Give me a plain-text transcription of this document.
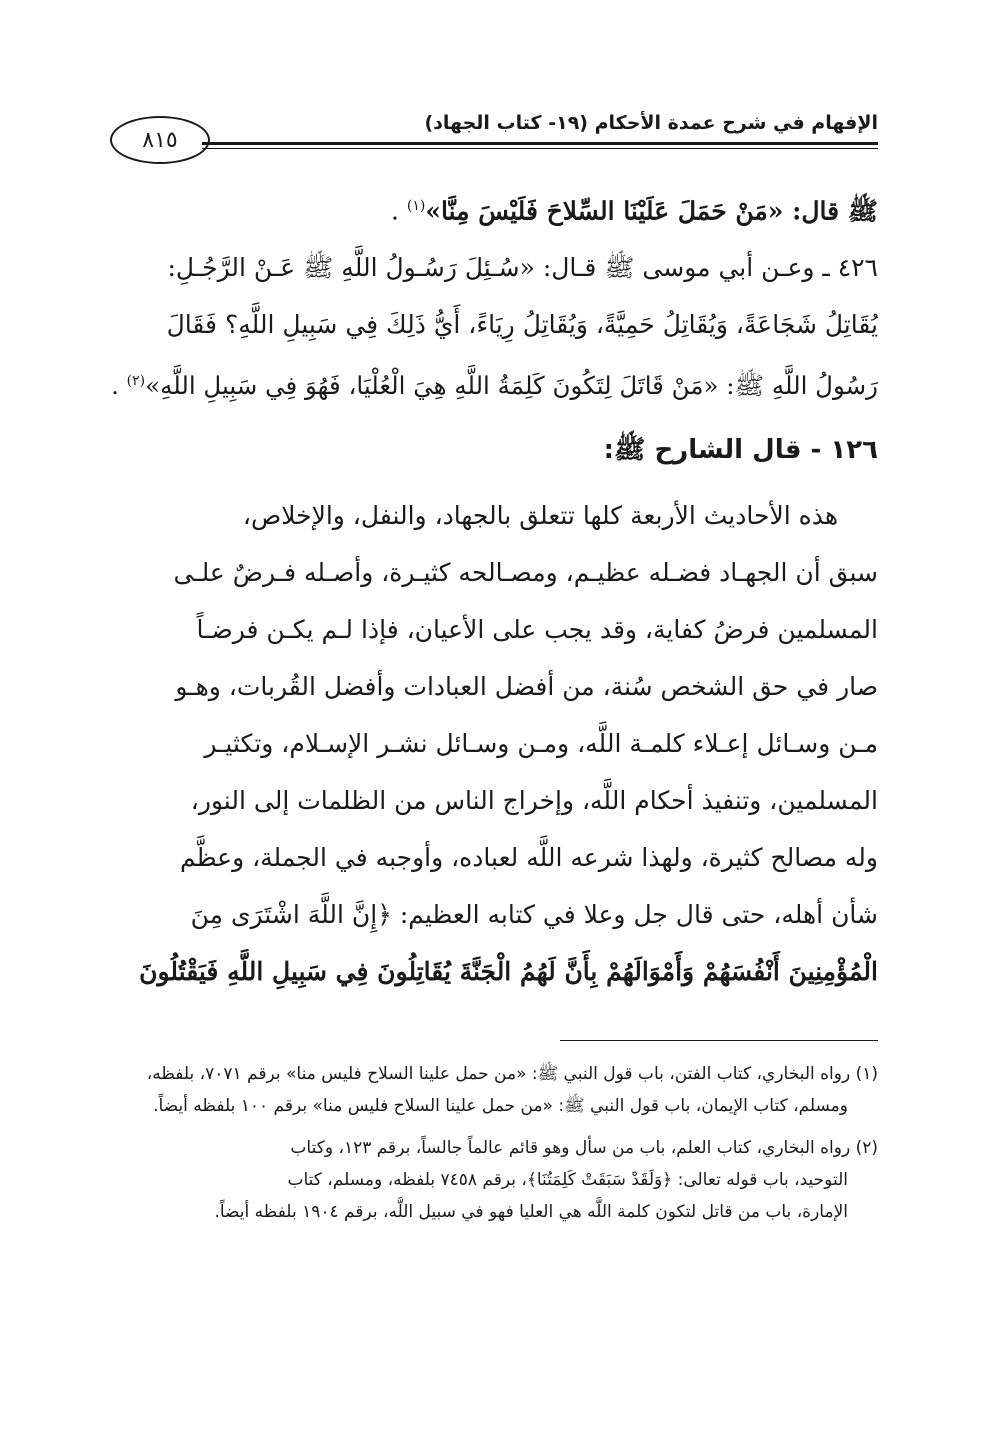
الإفهام في شرح عمدة الأحكام (١٩- كتاب الجهاد)
٨١٥
ﷺ قال: «مَنْ حَمَلَ عَلَيْنَا السِّلاحَ فَلَيْسَ مِنَّا»$^{(١)}$ .
٤٢٦ ـ وعـن أبي موسى ﷺ قـال: «سُـئِلَ رَسُـولُ اللَّهِ ﷺ عَـنْ الرَّجُـلِ:
يُقَاتِلُ شَجَاعَةً، وَيُقَاتِلُ حَمِيَّةً، وَيُقَاتِلُ رِيَاءً، أَيُّ ذَلِكَ فِي سَبِيلِ اللَّهِ؟ فَقَالَ
رَسُولُ اللَّهِ ﷺ: «مَنْ قَاتَلَ لِتَكُونَ كَلِمَةُ اللَّهِ هِيَ الْعُلْيَا، فَهُوَ فِي سَبِيلِ اللَّهِ»$^{(٢)}$ .
١٢٦ - قال الشارح ﷺ:
هذه الأحاديث الأربعة كلها تتعلق بالجهاد، والنفل، والإخلاص،
سبق أن الجهـاد فضـله عظيـم، ومصـالحه كثيـرة، وأصـله فـرضٌ علـى
المسلمين فرضُ كفاية، وقد يجب على الأعيان، فإذا لـم يكـن فرضـاً
صار في حق الشخص سُنة، من أفضل العبادات وأفضل القُربات، وهـو
مـن وسـائل إعـلاء كلمـة اللَّه، ومـن وسـائل نشـر الإسـلام، وتكثيـر
المسلمين، وتنفيذ أحكام اللَّه، وإخراج الناس من الظلمات إلى النور،
وله مصالح كثيرة، ولهذا شرعه اللَّه لعباده، وأوجبه في الجملة، وعظَّم
شأن أهله، حتى قال جل وعلا في كتابه العظيم: ﴿إِنَّ اللَّهَ اشْتَرَى مِنَ
الْمُؤْمِنِينَ أَنْفُسَهُمْ وَأَمْوَالَهُمْ بِأَنَّ لَهُمُ الْجَنَّةَ يُقَاتِلُونَ فِي سَبِيلِ اللَّهِ فَيَقْتُلُونَ
(١) رواه البخاري، كتاب الفتن، باب قول النبي ﷺ: «من حمل علينا السلاح فليس منا» برقم ٧٠٧١، بلفظه،
ومسلم، كتاب الإيمان، باب قول النبي ﷺ: «من حمل علينا السلاح فليس منا» برقم ١٠٠ بلفظه أيضاً.
(٢) رواه البخاري، كتاب العلم، باب من سأل وهو قائم عالماً جالساً، برقم ١٢٣، وكتاب
التوحيد، باب قوله تعالى: ﴿وَلَقَدْ سَبَقَتْ كَلِمَتُنَا﴾، برقم ٧٤٥٨ بلفظه، ومسلم، كتاب
الإمارة، باب من قاتل لتكون كلمة اللَّه هي العليا فهو في سبيل اللَّه، برقم ١٩٠٤ بلفظه أيضاً.
